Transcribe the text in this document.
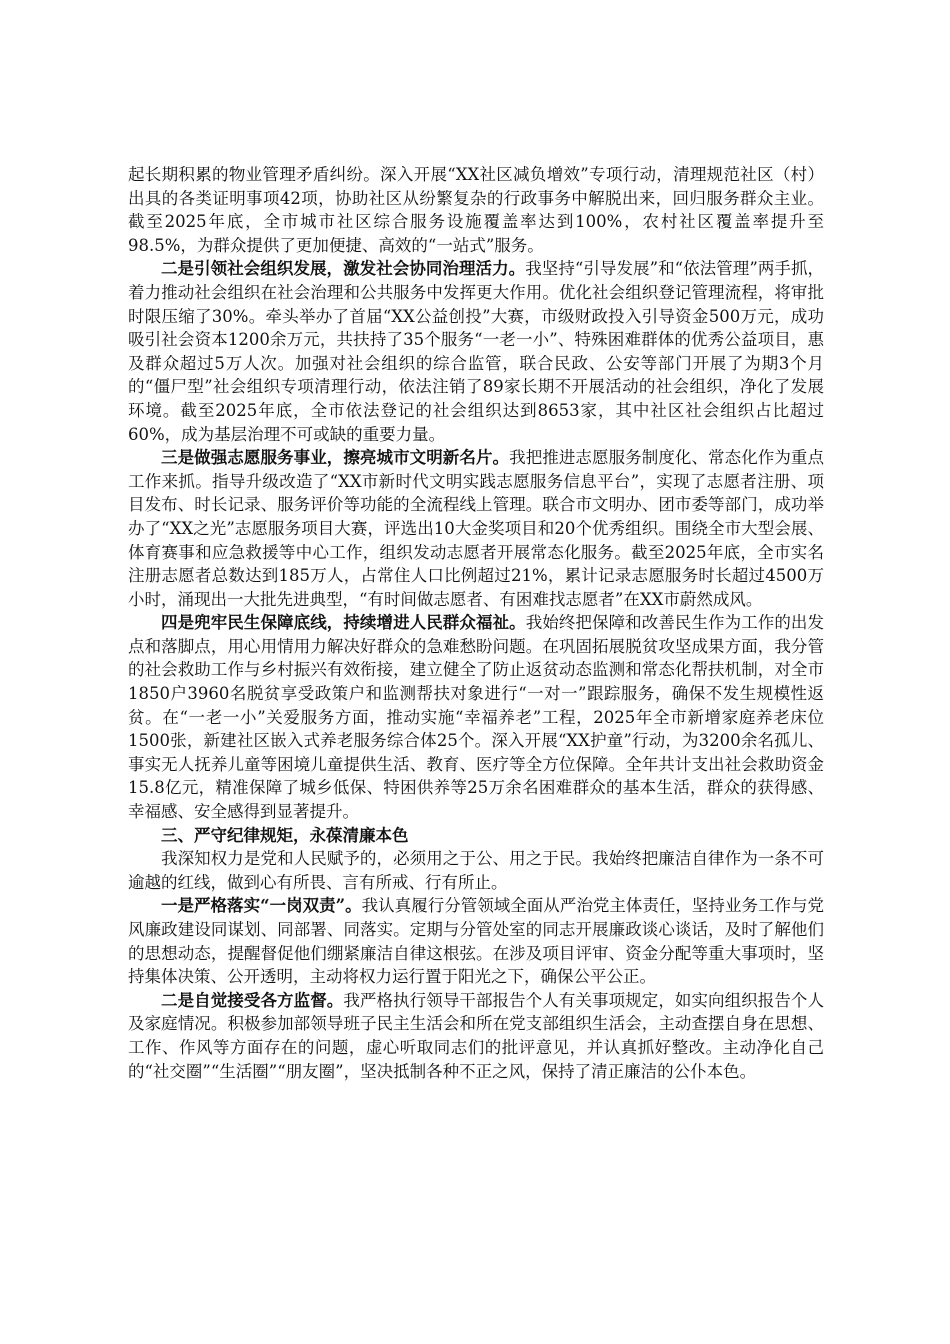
起长期积累的物业管理矛盾纠纷。深入开展“XX社区减负增效”专项行动，清理规范社区（村）出具的各类证明事项42项，协助社区从纷繁复杂的行政事务中解脱出来，回归服务群众主业。截至2025年底，全市城市社区综合服务设施覆盖率达到100%，农村社区覆盖率提升至98.5%，为群众提供了更加便捷、高效的“一站式”服务。

二是引领社会组织发展，激发社会协同治理活力。我坚持“引导发展”和“依法管理”两手抓，着力推动社会组织在社会治理和公共服务中发挥更大作用。优化社会组织登记管理流程，将审批时限压缩了30%。牵头举办了首届“XX公益创投”大赛，市级财政投入引导资金500万元，成功吸引社会资本1200余万元，共扶持了35个服务“一老一小”、特殊困难群体的优秀公益项目，惠及群众超过5万人次。加强对社会组织的综合监管，联合民政、公安等部门开展了为期3个月的“僵尸型”社会组织专项清理行动，依法注销了89家长期不开展活动的社会组织，净化了发展环境。截至2025年底，全市依法登记的社会组织达到8653家，其中社区社会组织占比超过60%，成为基层治理不可或缺的重要力量。

三是做强志愿服务事业，擦亮城市文明新名片。我把推进志愿服务制度化、常态化作为重点工作来抓。指导升级改造了“XX市新时代文明实践志愿服务信息平台”，实现了志愿者注册、项目发布、时长记录、服务评价等功能的全流程线上管理。联合市文明办、团市委等部门，成功举办了“XX之光”志愿服务项目大赛，评选出10大金奖项目和20个优秀组织。围绕全市大型会展、体育赛事和应急救援等中心工作，组织发动志愿者开展常态化服务。截至2025年底，全市实名注册志愿者总数达到185万人，占常住人口比例超过21%，累计记录志愿服务时长超过4500万小时，涌现出一大批先进典型，“有时间做志愿者、有困难找志愿者”在XX市蔚然成风。

四是兜牢民生保障底线，持续增进人民群众福祉。我始终把保障和改善民生作为工作的出发点和落脚点，用心用情用力解决好群众的急难愁盼问题。在巩固拓展脱贫攻坚成果方面，我分管的社会救助工作与乡村振兴有效衔接，建立健全了防止返贫动态监测和常态化帮扶机制，对全市1850户3960名脱贫享受政策户和监测帮扶对象进行“一对一”跟踪服务，确保不发生规模性返贫。在“一老一小”关爱服务方面，推动实施“幸福养老”工程，2025年全市新增家庭养老床位1500张，新建社区嵌入式养老服务综合体25个。深入开展“XX护童”行动，为3200余名孤儿、事实无人抚养儿童等困境儿童提供生活、教育、医疗等全方位保障。全年共计支出社会救助资金15.8亿元，精准保障了城乡低保、特困供养等25万余名困难群众的基本生活，群众的获得感、幸福感、安全感得到显著提升。

三、严守纪律规矩，永葆清廉本色

我深知权力是党和人民赋予的，必须用之于公、用之于民。我始终把廉洁自律作为一条不可逾越的红线，做到心有所畏、言有所戒、行有所止。

一是严格落实“一岗双责”。我认真履行分管领域全面从严治党主体责任，坚持业务工作与党风廉政建设同谋划、同部署、同落实。定期与分管处室的同志开展廉政谈心谈话，及时了解他们的思想动态，提醒督促他们绷紧廉洁自律这根弦。在涉及项目评审、资金分配等重大事项时，坚持集体决策、公开透明，主动将权力运行置于阳光之下，确保公平公正。

二是自觉接受各方监督。我严格执行领导干部报告个人有关事项规定，如实向组织报告个人及家庭情况。积极参加部领导班子民主生活会和所在党支部组织生活会，主动查摆自身在思想、工作、作风等方面存在的问题，虚心听取同志们的批评意见，并认真抓好整改。主动净化自己的“社交圈”“生活圈”“朋友圈”，坚决抵制各种不正之风，保持了清正廉洁的公仆本色。
